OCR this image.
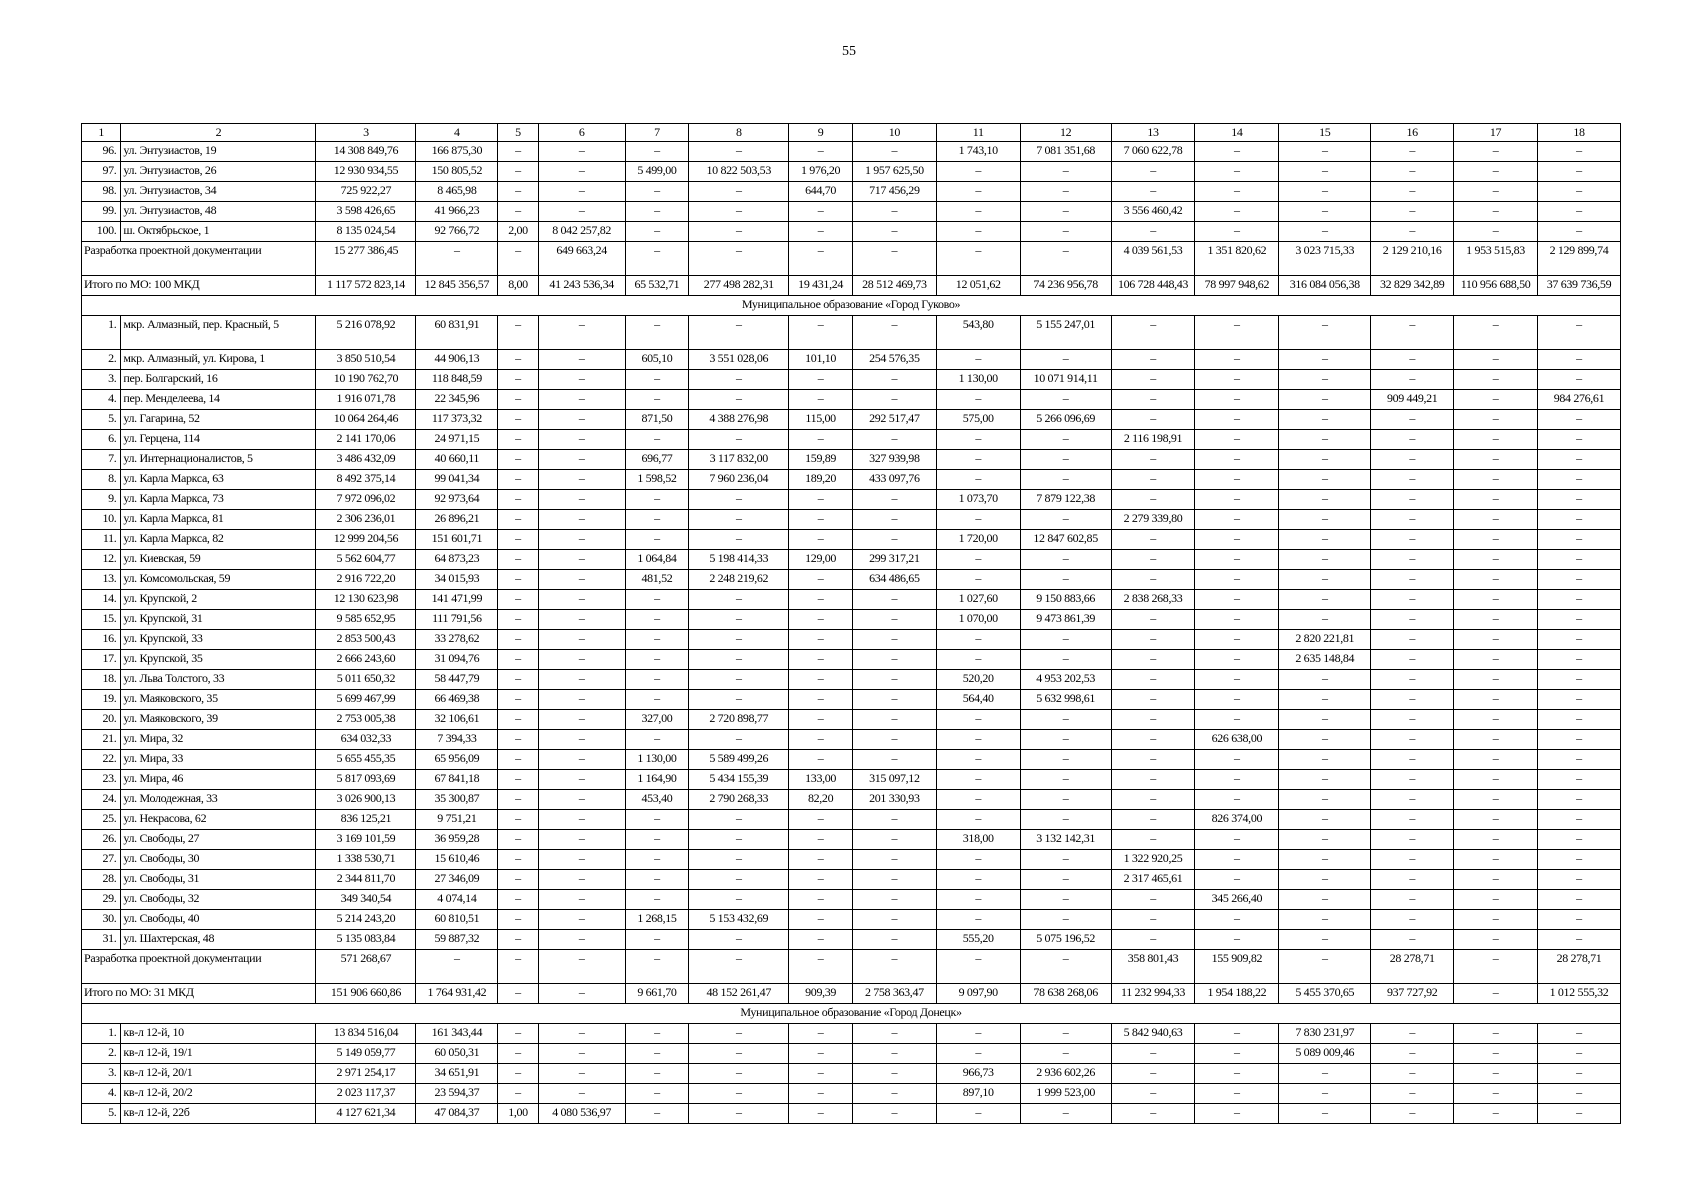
55
1	2	3	4	5	6	7	8	9	10	11	12	13	14	15	16	17	18
96.	ул. Энтузиастов, 19	14 308 849,76	166 875,30	–	–	–	–	–	–	1 743,10	7 081 351,68	7 060 622,78	–	–	–	–	–
97.	ул. Энтузиастов, 26	12 930 934,55	150 805,52	–	–	5 499,00	10 822 503,53	1 976,20	1 957 625,50	–	–	–	–	–	–	–	–
98.	ул. Энтузиастов, 34	725 922,27	8 465,98	–	–	–	–	644,70	717 456,29	–	–	–	–	–	–	–	–
99.	ул. Энтузиастов, 48	3 598 426,65	41 966,23	–	–	–	–	–	–	–	–	3 556 460,42	–	–	–	–	–
100.	ш. Октябрьское, 1	8 135 024,54	92 766,72	2,00	8 042 257,82	–	–	–	–	–	–	–	–	–	–	–	–
Разработка проектной документации		15 277 386,45	–	–	649 663,24	–	–	–	–	–	–	4 039 561,53	1 351 820,62	3 023 715,33	2 129 210,16	1 953 515,83	2 129 899,74
Итого по МО: 100 МКД		1 117 572 823,14	12 845 356,57	8,00	41 243 536,34	65 532,71	277 498 282,31	19 431,24	28 512 469,73	12 051,62	74 236 956,78	106 728 448,43	78 997 948,62	316 084 056,38	32 829 342,89	110 956 688,50	37 639 736,59
Муниципальное образование «Город Гуково»																	
1.	мкр. Алмазный, пер. Красный, 5	5 216 078,92	60 831,91	–	–	–	–	–	–	543,80	5 155 247,01	–	–	–	–	–	–
2.	мкр. Алмазный, ул. Кирова, 1	3 850 510,54	44 906,13	–	–	605,10	3 551 028,06	101,10	254 576,35	–	–	–	–	–	–	–	–
3.	пер. Болгарский, 16	10 190 762,70	118 848,59	–	–	–	–	–	–	1 130,00	10 071 914,11	–	–	–	–	–	–
4.	пер. Менделеева, 14	1 916 071,78	22 345,96	–	–	–	–	–	–	–	–	–	–	–	909 449,21	–	984 276,61
5.	ул. Гагарина, 52	10 064 264,46	117 373,32	–	–	871,50	4 388 276,98	115,00	292 517,47	575,00	5 266 096,69	–	–	–	–	–	–
6.	ул. Герцена, 114	2 141 170,06	24 971,15	–	–	–	–	–	–	–	–	2 116 198,91	–	–	–	–	–
7.	ул. Интернационалистов, 5	3 486 432,09	40 660,11	–	–	696,77	3 117 832,00	159,89	327 939,98	–	–	–	–	–	–	–	–
8.	ул. Карла Маркса, 63	8 492 375,14	99 041,34	–	–	1 598,52	7 960 236,04	189,20	433 097,76	–	–	–	–	–	–	–	–
9.	ул. Карла Маркса, 73	7 972 096,02	92 973,64	–	–	–	–	–	–	1 073,70	7 879 122,38	–	–	–	–	–	–
10.	ул. Карла Маркса, 81	2 306 236,01	26 896,21	–	–	–	–	–	–	–	–	2 279 339,80	–	–	–	–	–
11.	ул. Карла Маркса, 82	12 999 204,56	151 601,71	–	–	–	–	–	–	1 720,00	12 847 602,85	–	–	–	–	–	–
12.	ул. Киевская, 59	5 562 604,77	64 873,23	–	–	1 064,84	5 198 414,33	129,00	299 317,21	–	–	–	–	–	–	–	–
13.	ул. Комсомольская, 59	2 916 722,20	34 015,93	–	–	481,52	2 248 219,62	–	634 486,65	–	–	–	–	–	–	–	–
14.	ул. Крупской, 2	12 130 623,98	141 471,99	–	–	–	–	–	–	1 027,60	9 150 883,66	2 838 268,33	–	–	–	–	–
15.	ул. Крупской, 31	9 585 652,95	111 791,56	–	–	–	–	–	–	1 070,00	9 473 861,39	–	–	–	–	–	–
16.	ул. Крупской, 33	2 853 500,43	33 278,62	–	–	–	–	–	–	–	–	–	–	2 820 221,81	–	–	–
17.	ул. Крупской, 35	2 666 243,60	31 094,76	–	–	–	–	–	–	–	–	–	–	2 635 148,84	–	–	–
18.	ул. Льва Толстого, 33	5 011 650,32	58 447,79	–	–	–	–	–	–	520,20	4 953 202,53	–	–	–	–	–	–
19.	ул. Маяковского, 35	5 699 467,99	66 469,38	–	–	–	–	–	–	564,40	5 632 998,61	–	–	–	–	–	–
20.	ул. Маяковского, 39	2 753 005,38	32 106,61	–	–	327,00	2 720 898,77	–	–	–	–	–	–	–	–	–	–
21.	ул. Мира, 32	634 032,33	7 394,33	–	–	–	–	–	–	–	–	–	626 638,00	–	–	–	–
22.	ул. Мира, 33	5 655 455,35	65 956,09	–	–	1 130,00	5 589 499,26	–	–	–	–	–	–	–	–	–	–
23.	ул. Мира, 46	5 817 093,69	67 841,18	–	–	1 164,90	5 434 155,39	133,00	315 097,12	–	–	–	–	–	–	–	–
24.	ул. Молодежная, 33	3 026 900,13	35 300,87	–	–	453,40	2 790 268,33	82,20	201 330,93	–	–	–	–	–	–	–	–
25.	ул. Некрасова, 62	836 125,21	9 751,21	–	–	–	–	–	–	–	–	–	826 374,00	–	–	–	–
26.	ул. Свободы, 27	3 169 101,59	36 959,28	–	–	–	–	–	–	318,00	3 132 142,31	–	–	–	–	–	–
27.	ул. Свободы, 30	1 338 530,71	15 610,46	–	–	–	–	–	–	–	–	1 322 920,25	–	–	–	–	–
28.	ул. Свободы, 31	2 344 811,70	27 346,09	–	–	–	–	–	–	–	–	2 317 465,61	–	–	–	–	–
29.	ул. Свободы, 32	349 340,54	4 074,14	–	–	–	–	–	–	–	–	–	345 266,40	–	–	–	–
30.	ул. Свободы, 40	5 214 243,20	60 810,51	–	–	1 268,15	5 153 432,69	–	–	–	–	–	–	–	–	–	–
31.	ул. Шахтерская, 48	5 135 083,84	59 887,32	–	–	–	–	–	–	555,20	5 075 196,52	–	–	–	–	–	–
Разработка проектной документации		571 268,67	–	–	–	–	–	–	–	–	–	358 801,43	155 909,82	–	28 278,71	–	28 278,71
Итого по МО: 31 МКД		151 906 660,86	1 764 931,42	–	–	9 661,70	48 152 261,47	909,39	2 758 363,47	9 097,90	78 638 268,06	11 232 994,33	1 954 188,22	5 455 370,65	937 727,92	–	1 012 555,32
Муниципальное образование «Город Донецк»																	
1.	кв-л 12-й, 10	13 834 516,04	161 343,44	–	–	–	–	–	–	–	–	5 842 940,63	–	7 830 231,97	–	–	–
2.	кв-л 12-й, 19/1	5 149 059,77	60 050,31	–	–	–	–	–	–	–	–	–	–	5 089 009,46	–	–	–
3.	кв-л 12-й, 20/1	2 971 254,17	34 651,91	–	–	–	–	–	–	966,73	2 936 602,26	–	–	–	–	–	–
4.	кв-л 12-й, 20/2	2 023 117,37	23 594,37	–	–	–	–	–	–	897,10	1 999 523,00	–	–	–	–	–	–
5.	кв-л 12-й, 22б	4 127 621,34	47 084,37	1,00	4 080 536,97	–	–	–	–	–	–	–	–	–	–	–	–
